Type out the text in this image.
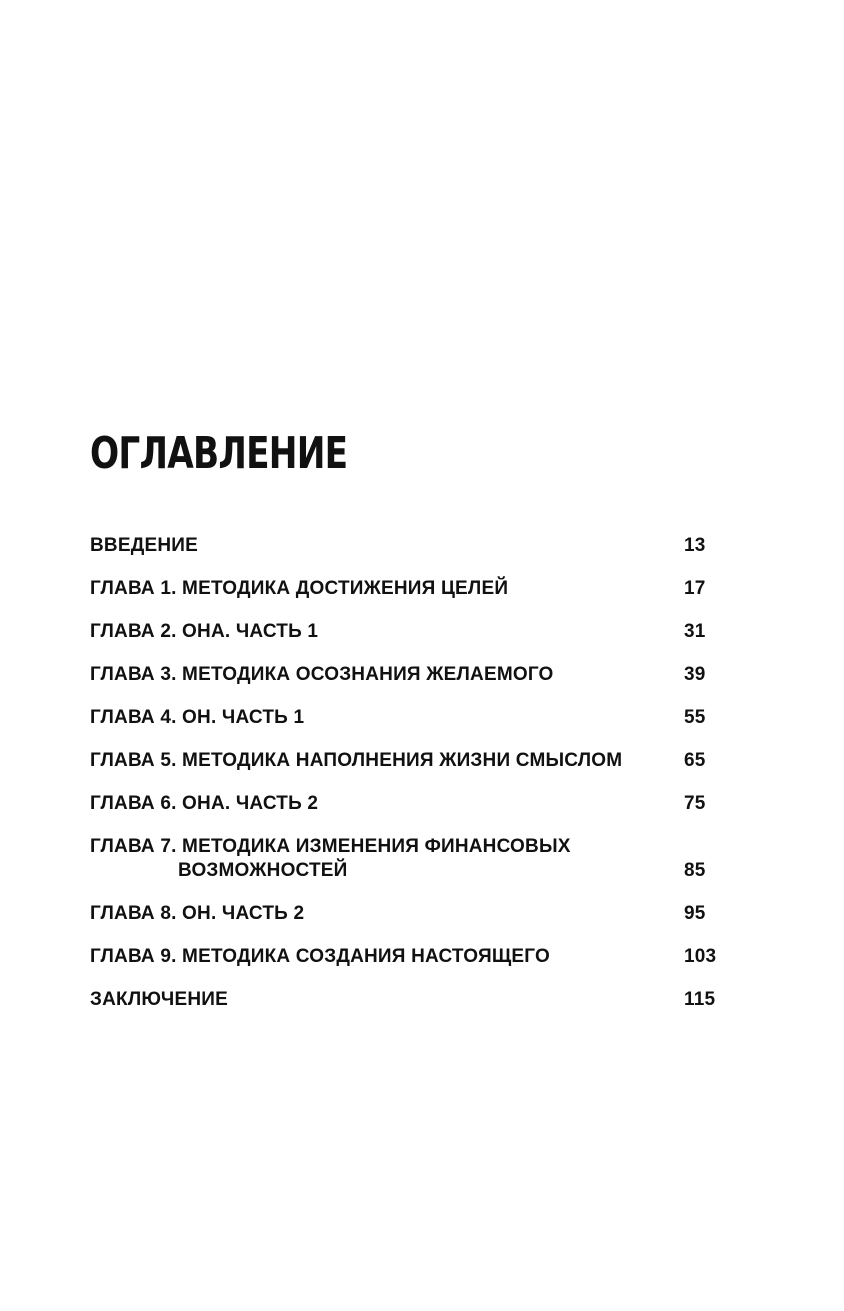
ОГЛАВЛЕНИЕ
ВВЕДЕНИЕ	13
ГЛАВА 1. МЕТОДИКА ДОСТИЖЕНИЯ ЦЕЛЕЙ	17
ГЛАВА 2. ОНА. ЧАСТЬ 1	31
ГЛАВА 3. МЕТОДИКА ОСОЗНАНИЯ ЖЕЛАЕМОГО	39
ГЛАВА 4. ОН. ЧАСТЬ 1	55
ГЛАВА 5. МЕТОДИКА НАПОЛНЕНИЯ ЖИЗНИ СМЫСЛОМ	65
ГЛАВА 6. ОНА. ЧАСТЬ 2	75
ГЛАВА 7. МЕТОДИКА ИЗМЕНЕНИЯ ФИНАНСОВЫХ
ВОЗМОЖНОСТЕЙ	85
ГЛАВА 8. ОН. ЧАСТЬ 2	95
ГЛАВА 9. МЕТОДИКА СОЗДАНИЯ НАСТОЯЩЕГО	103
ЗАКЛЮЧЕНИЕ	115
